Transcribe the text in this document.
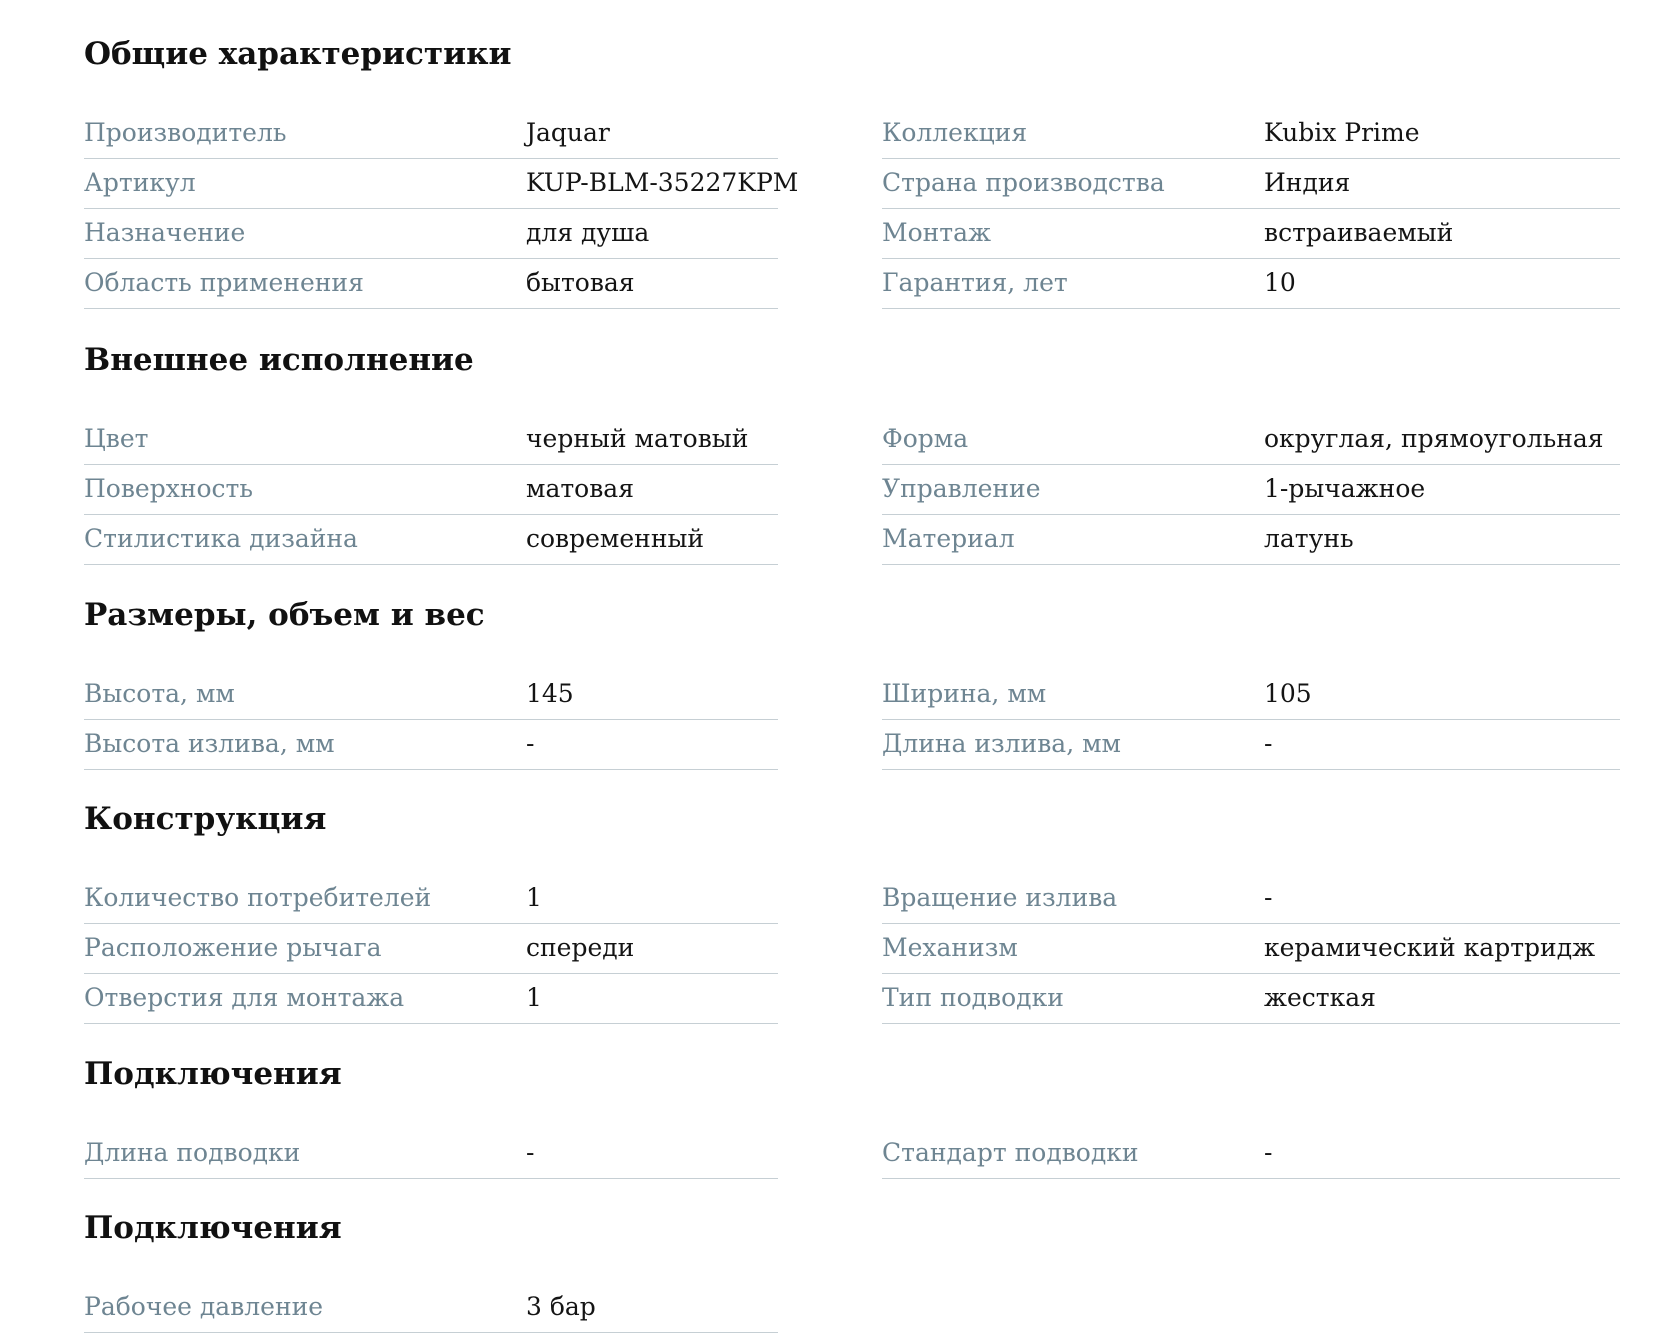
Общие характеристики
Производитель	Jaquar
Артикул	KUP-BLM-35227KPM
Назначение	для душа
Область применения	бытовая
Коллекция	Kubix Prime
Страна производства	Индия
Монтаж	встраиваемый
Гарантия, лет	10
Внешнее исполнение
Цвет	черный матовый
Поверхность	матовая
Стилистика дизайна	современный
Форма	округлая, прямоугольная
Управление	1-рычажное
Материал	латунь
Размеры, объем и вес
Высота, мм	145
Высота излива, мм	-
Ширина, мм	105
Длина излива, мм	-
Конструкция
Количество потребителей	1
Расположение рычага	спереди
Отверстия для монтажа	1
Вращение излива	-
Механизм	керамический картридж
Тип подводки	жесткая
Подключения
Длина подводки	-	Стандарт подводки	-
Подключения
Рабочее давление	3 бар
